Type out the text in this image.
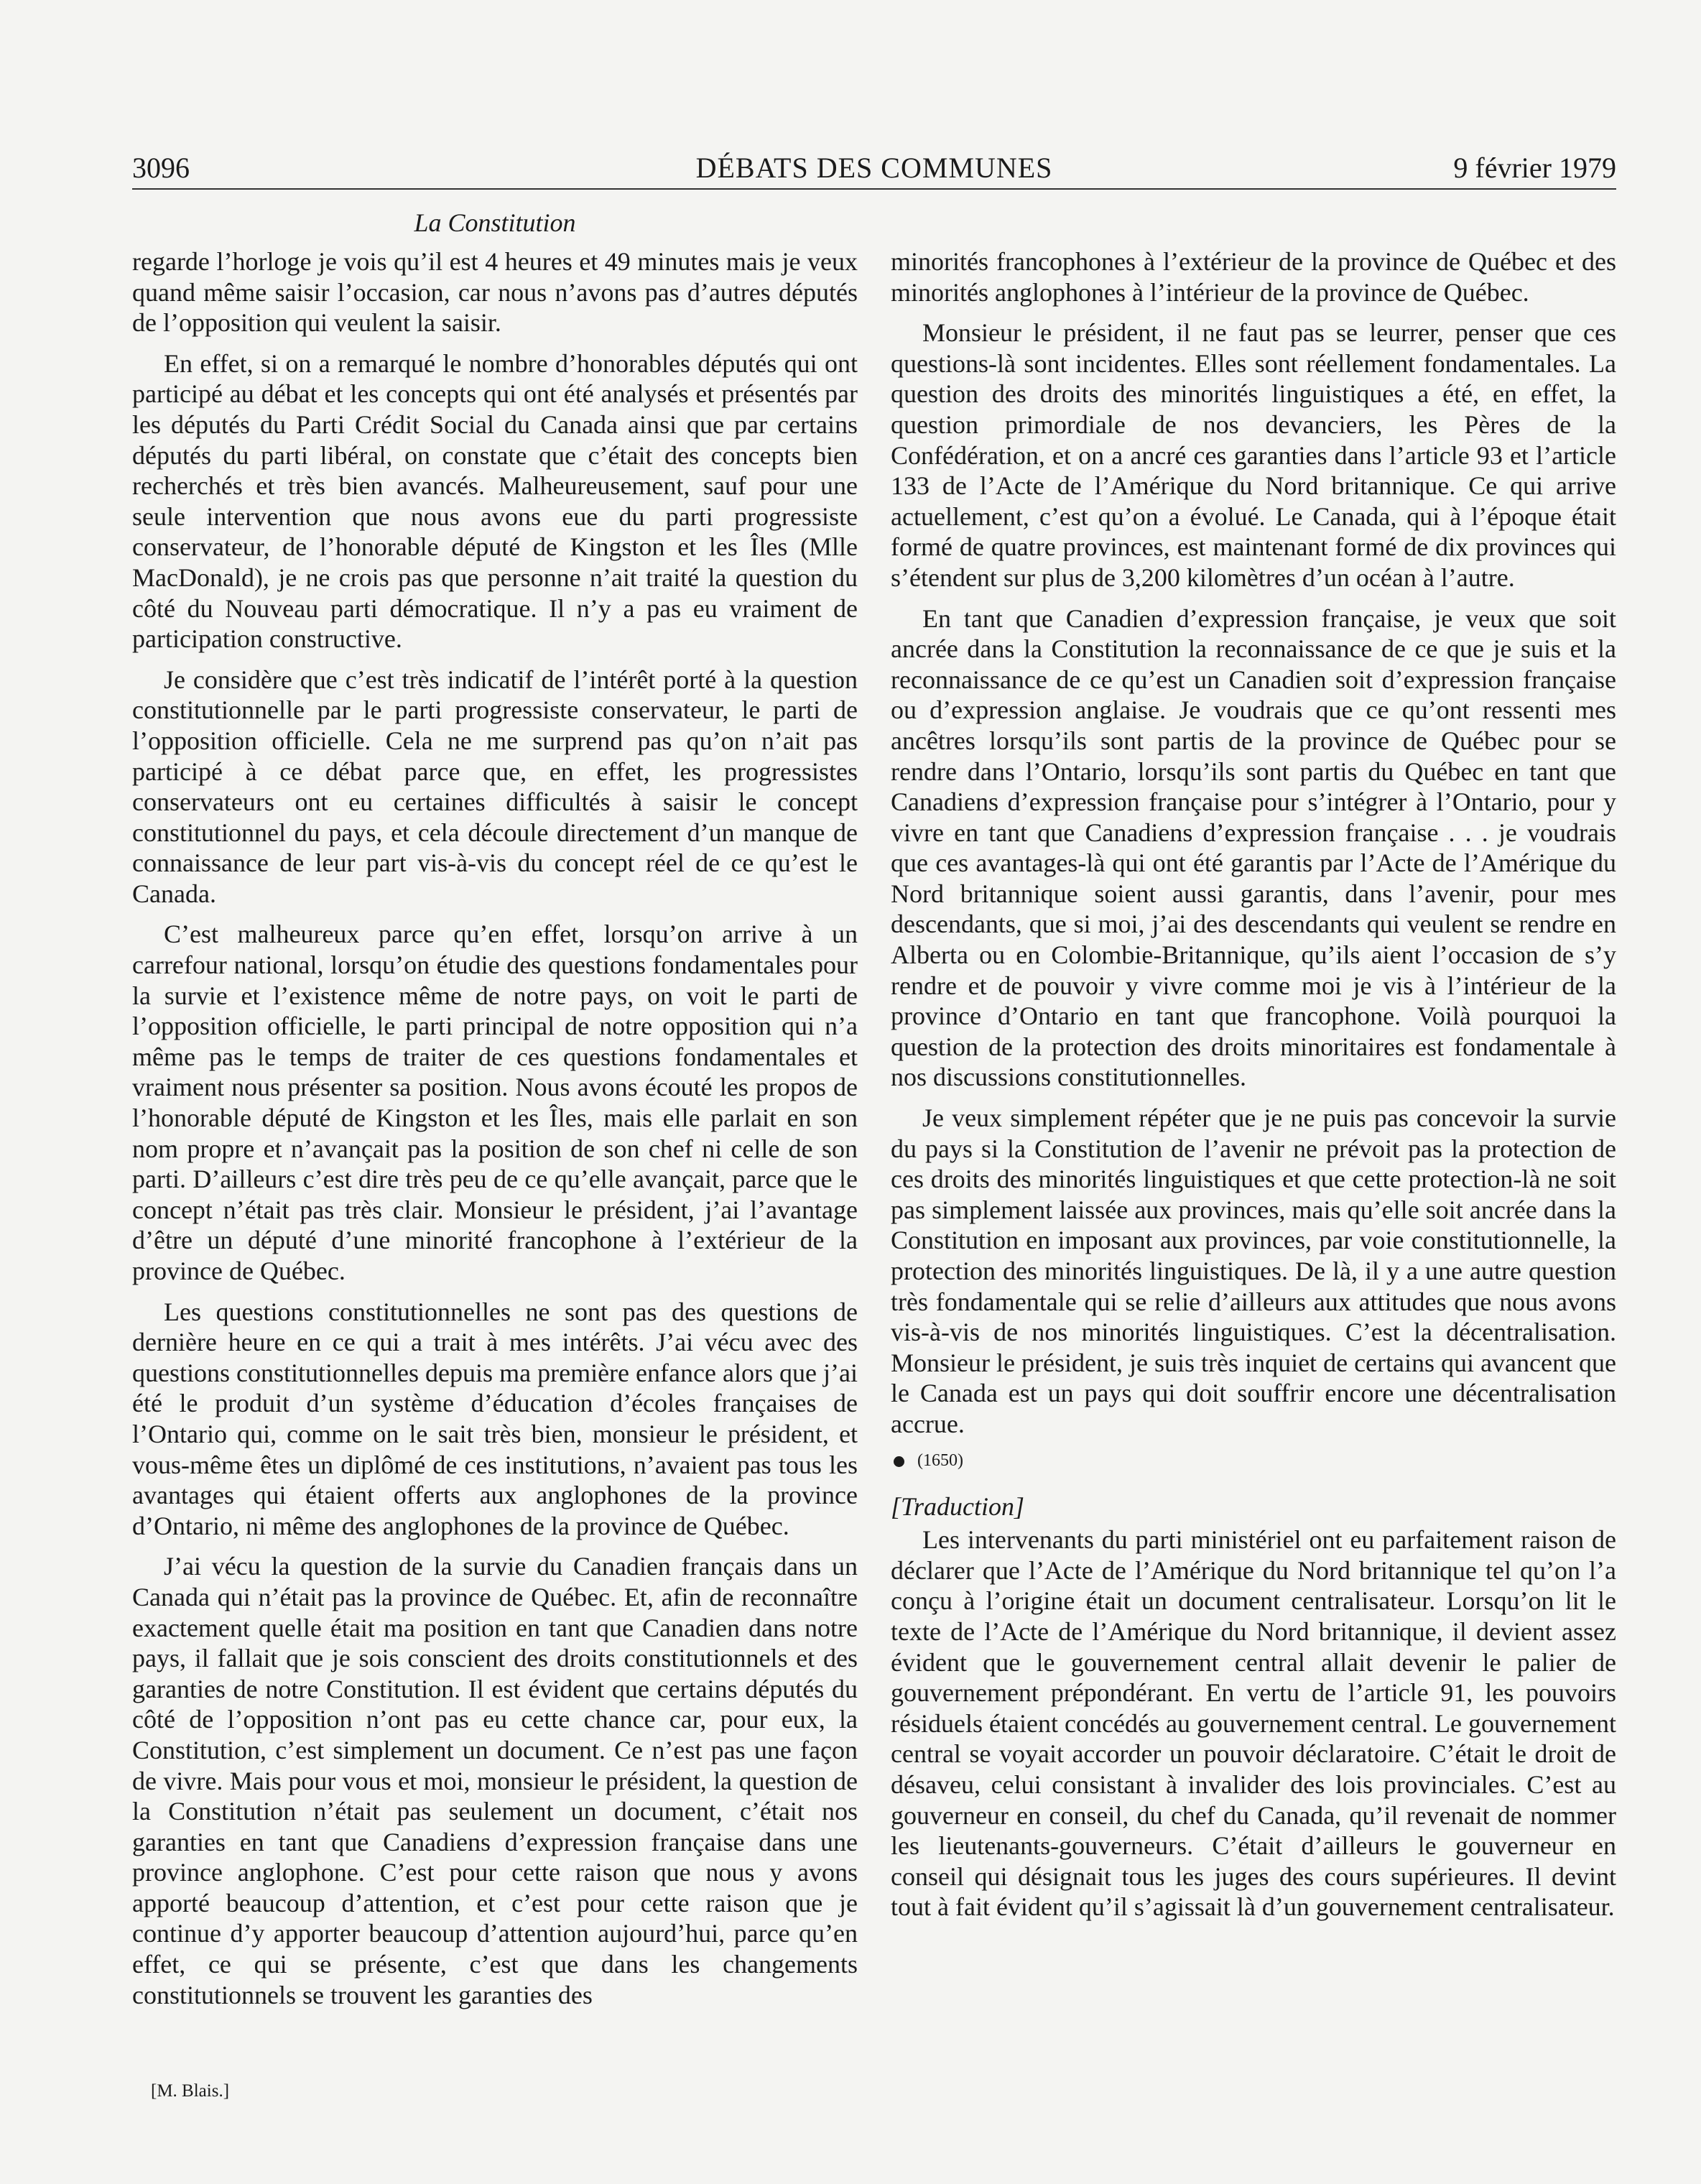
3096	DÉBATS DES COMMUNES	9 février 1979
La Constitution

regarde l’horloge je vois qu’il est 4 heures et 49 minutes mais je veux quand même saisir l’occasion, car nous n’avons pas d’autres députés de l’opposition qui veulent la saisir.

En effet, si on a remarqué le nombre d’honorables députés qui ont participé au débat et les concepts qui ont été analysés et présentés par les députés du Parti Crédit Social du Canada ainsi que par certains députés du parti libéral, on constate que c’était des concepts bien recherchés et très bien avancés. Malheureusement, sauf pour une seule intervention que nous avons eue du parti progressiste conservateur, de l’honorable député de Kingston et les Îles (Mlle MacDonald), je ne crois pas que personne n’ait traité la question du côté du Nouveau parti démocratique. Il n’y a pas eu vraiment de participation constructive.

Je considère que c’est très indicatif de l’intérêt porté à la question constitutionnelle par le parti progressiste conservateur, le parti de l’opposition officielle. Cela ne me surprend pas qu’on n’ait pas participé à ce débat parce que, en effet, les progressistes conservateurs ont eu certaines difficultés à saisir le concept constitutionnel du pays, et cela découle directement d’un manque de connaissance de leur part vis-à-vis du concept réel de ce qu’est le Canada.

C’est malheureux parce qu’en effet, lorsqu’on arrive à un carrefour national, lorsqu’on étudie des questions fondamentales pour la survie et l’existence même de notre pays, on voit le parti de l’opposition officielle, le parti principal de notre opposition qui n’a même pas le temps de traiter de ces questions fondamentales et vraiment nous présenter sa position. Nous avons écouté les propos de l’honorable député de Kingston et les Îles, mais elle parlait en son nom propre et n’avançait pas la position de son chef ni celle de son parti. D’ailleurs c’est dire très peu de ce qu’elle avançait, parce que le concept n’était pas très clair. Monsieur le président, j’ai l’avantage d’être un député d’une minorité francophone à l’extérieur de la province de Québec.

Les questions constitutionnelles ne sont pas des questions de dernière heure en ce qui a trait à mes intérêts. J’ai vécu avec des questions constitutionnelles depuis ma première enfance alors que j’ai été le produit d’un système d’éducation d’écoles françaises de l’Ontario qui, comme on le sait très bien, monsieur le président, et vous-même êtes un diplômé de ces institutions, n’avaient pas tous les avantages qui étaient offerts aux anglophones de la province d’Ontario, ni même des anglophones de la province de Québec.

J’ai vécu la question de la survie du Canadien français dans un Canada qui n’était pas la province de Québec. Et, afin de reconnaître exactement quelle était ma position en tant que Canadien dans notre pays, il fallait que je sois conscient des droits constitutionnels et des garanties de notre Constitution. Il est évident que certains députés du côté de l’opposition n’ont pas eu cette chance car, pour eux, la Constitution, c’est simplement un document. Ce n’est pas une façon de vivre. Mais pour vous et moi, monsieur le président, la question de la Constitution n’était pas seulement un document, c’était nos garanties en tant que Canadiens d’expression française dans une province anglophone. C’est pour cette raison que nous y avons apporté beaucoup d’attention, et c’est pour cette raison que je continue d’y apporter beaucoup d’attention aujourd’hui, parce qu’en effet, ce qui se présente, c’est que dans les changements constitutionnels se trouvent les garanties des

minorités francophones à l’extérieur de la province de Québec et des minorités anglophones à l’intérieur de la province de Québec.

Monsieur le président, il ne faut pas se leurrer, penser que ces questions-là sont incidentes. Elles sont réellement fondamentales. La question des droits des minorités linguistiques a été, en effet, la question primordiale de nos devanciers, les Pères de la Confédération, et on a ancré ces garanties dans l’article 93 et l’article 133 de l’Acte de l’Amérique du Nord britannique. Ce qui arrive actuellement, c’est qu’on a évolué. Le Canada, qui à l’époque était formé de quatre provinces, est maintenant formé de dix provinces qui s’étendent sur plus de 3,200 kilomètres d’un océan à l’autre.

En tant que Canadien d’expression française, je veux que soit ancrée dans la Constitution la reconnaissance de ce que je suis et la reconnaissance de ce qu’est un Canadien soit d’expression française ou d’expression anglaise. Je voudrais que ce qu’ont ressenti mes ancêtres lorsqu’ils sont partis de la province de Québec pour se rendre dans l’Ontario, lorsqu’ils sont partis du Québec en tant que Canadiens d’expression française pour s’intégrer à l’Ontario, pour y vivre en tant que Canadiens d’expression française . . . je voudrais que ces avantages-là qui ont été garantis par l’Acte de l’Amérique du Nord britannique soient aussi garantis, dans l’avenir, pour mes descendants, que si moi, j’ai des descendants qui veulent se rendre en Alberta ou en Colombie-Britannique, qu’ils aient l’occasion de s’y rendre et de pouvoir y vivre comme moi je vis à l’intérieur de la province d’Ontario en tant que francophone. Voilà pourquoi la question de la protection des droits minoritaires est fondamentale à nos discussions constitutionnelles.

Je veux simplement répéter que je ne puis pas concevoir la survie du pays si la Constitution de l’avenir ne prévoit pas la protection de ces droits des minorités linguistiques et que cette protection-là ne soit pas simplement laissée aux provinces, mais qu’elle soit ancrée dans la Constitution en imposant aux provinces, par voie constitutionnelle, la protection des minorités linguistiques. De là, il y a une autre question très fondamentale qui se relie d’ailleurs aux attitudes que nous avons vis-à-vis de nos minorités linguistiques. C’est la décentralisation. Monsieur le président, je suis très inquiet de certains qui avancent que le Canada est un pays qui doit souffrir encore une décentralisation accrue.

(1650)
[Traduction]

Les intervenants du parti ministériel ont eu parfaitement raison de déclarer que l’Acte de l’Amérique du Nord britannique tel qu’on l’a conçu à l’origine était un document centralisateur. Lorsqu’on lit le texte de l’Acte de l’Amérique du Nord britannique, il devient assez évident que le gouvernement central allait devenir le palier de gouvernement prépondérant. En vertu de l’article 91, les pouvoirs résiduels étaient concédés au gouvernement central. Le gouvernement central se voyait accorder un pouvoir déclaratoire. C’était le droit de désaveu, celui consistant à invalider des lois provinciales. C’est au gouverneur en conseil, du chef du Canada, qu’il revenait de nommer les lieutenants-gouverneurs. C’était d’ailleurs le gouverneur en conseil qui désignait tous les juges des cours supérieures. Il devint tout à fait évident qu’il s’agissait là d’un gouvernement centralisateur.

[M. Blais.]
